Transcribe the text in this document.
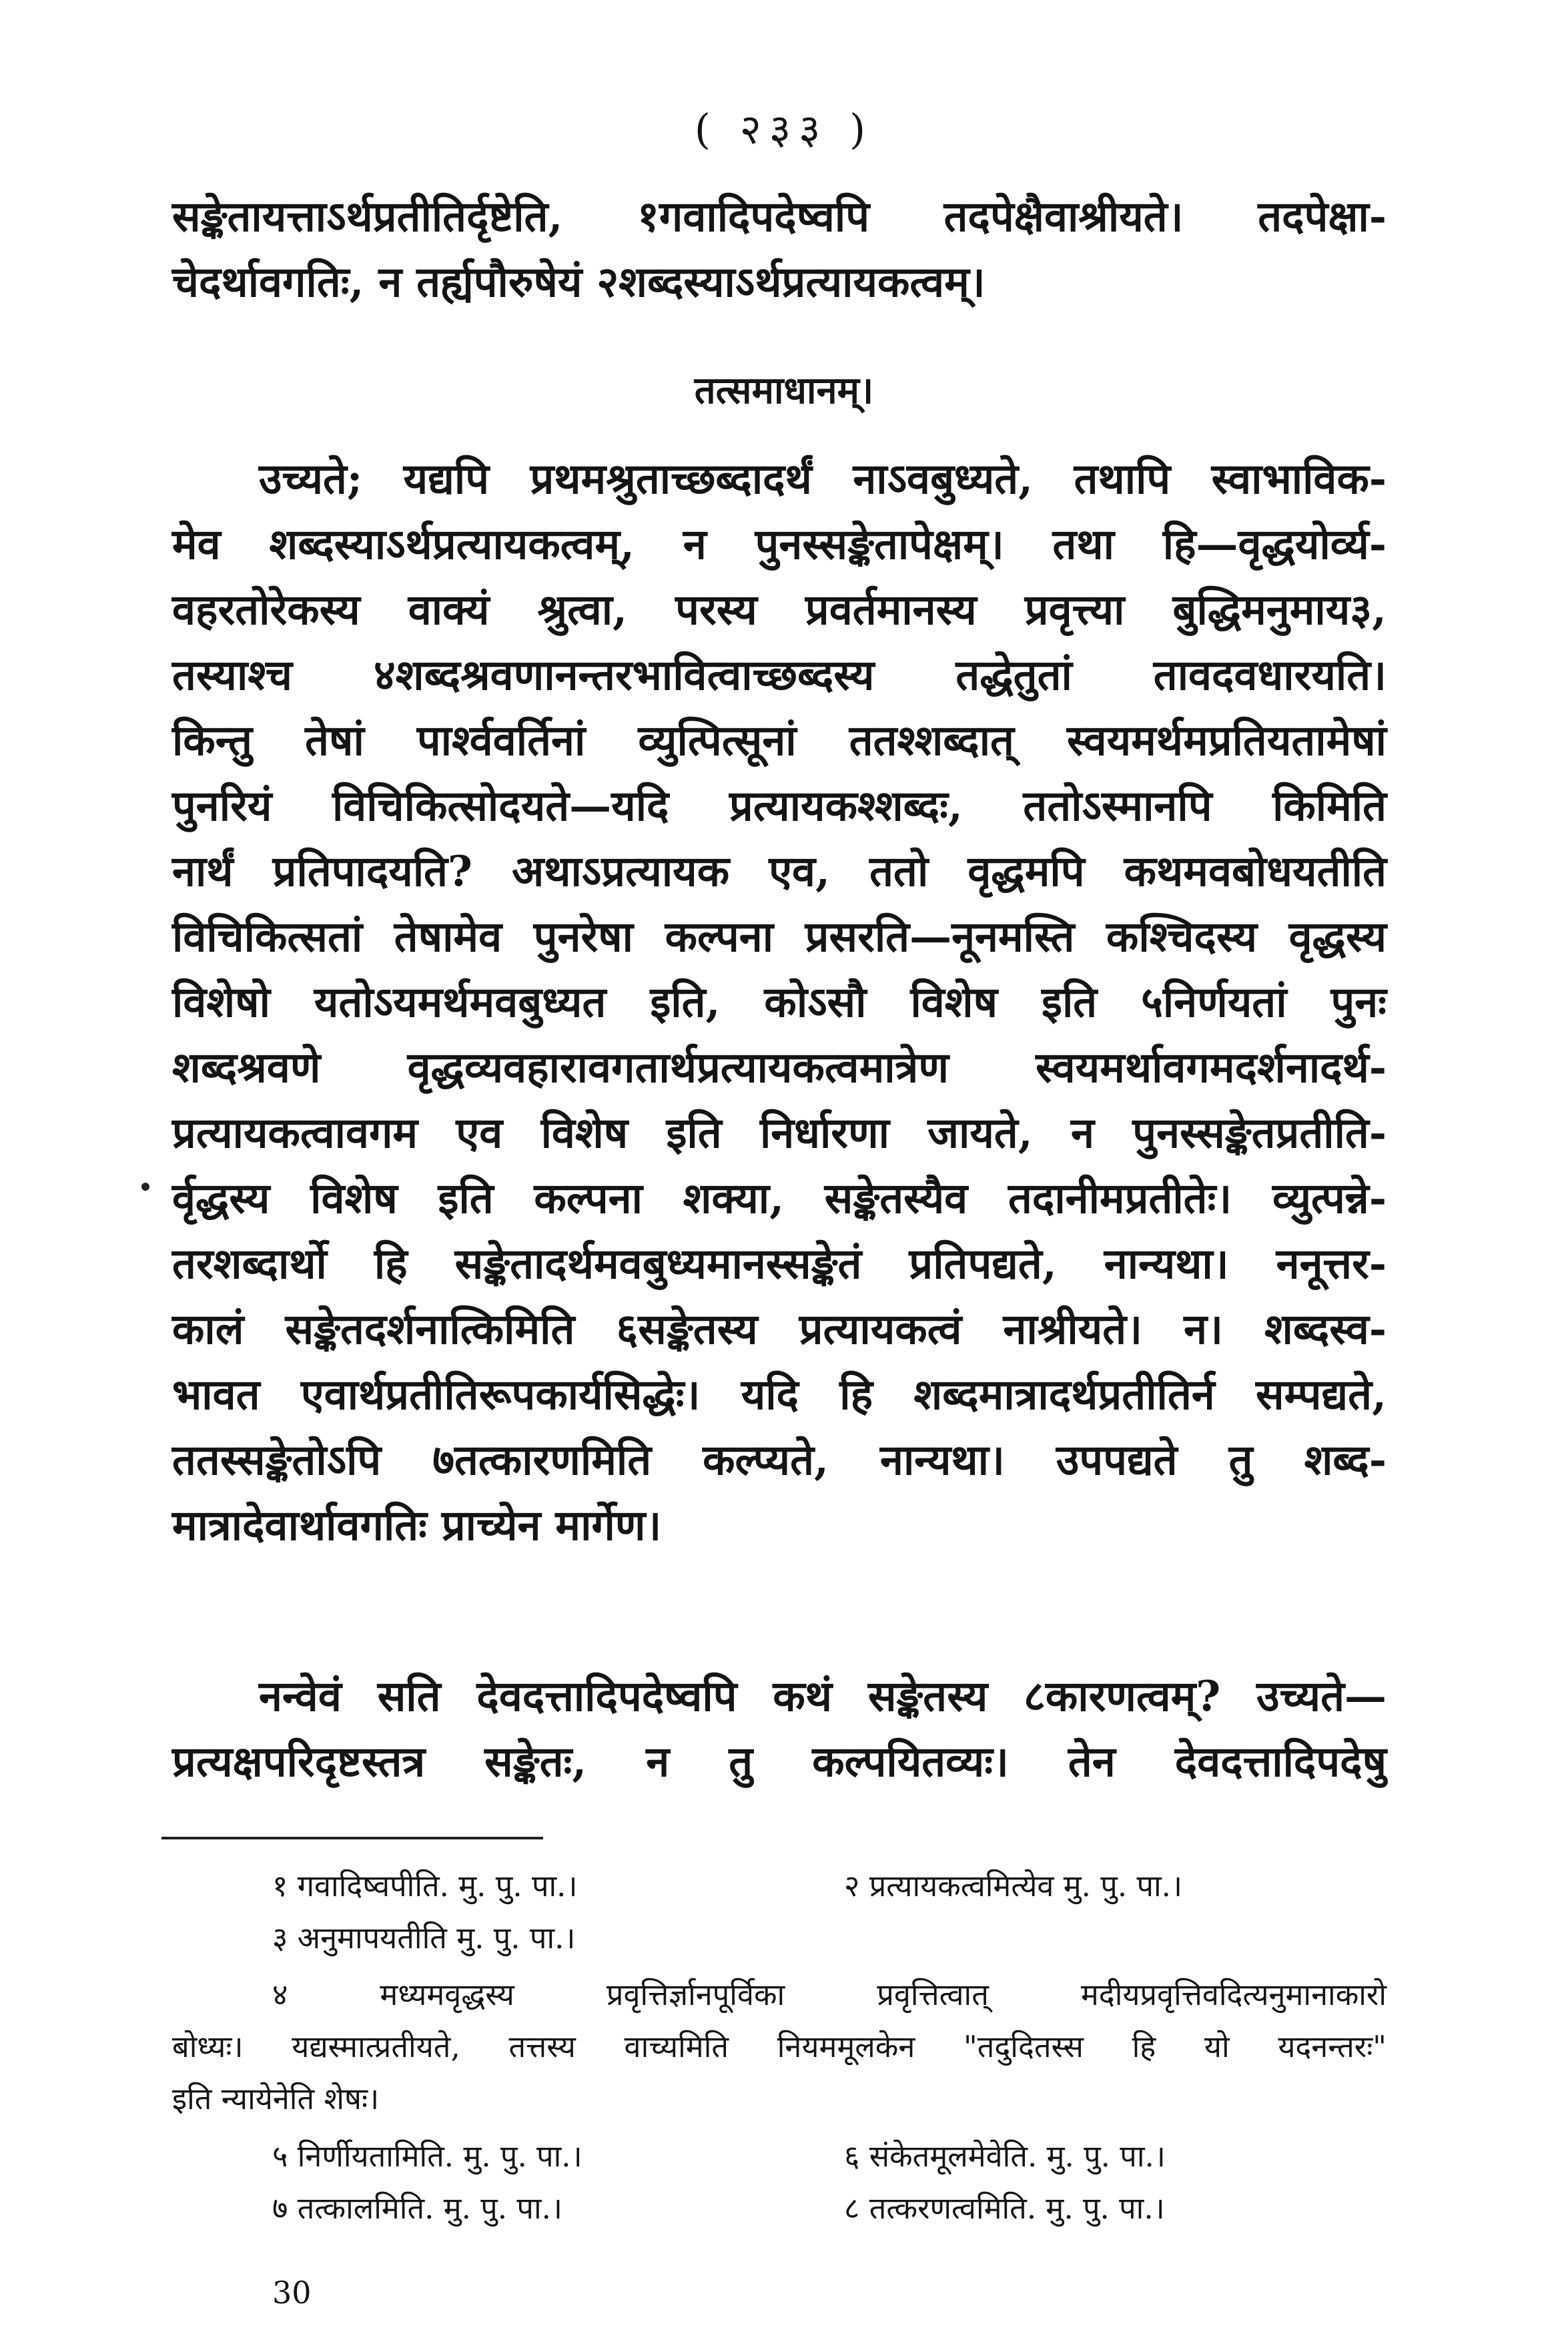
( २३३ )
सङ्केतायत्ताऽर्थप्रतीतिर्दृष्टेति, १गवादिपदेष्वपि तदपेक्षैवाश्रीयते। तदपेक्षा-
चेदर्थावगतिः, न तर्ह्यपौरुषेयं २शब्दस्याऽर्थप्रत्यायकत्वम्।
तत्समाधानम्।
उच्यते; यद्यपि प्रथमश्रुताच्छब्दादर्थं नाऽवबुध्यते, तथापि स्वाभाविक-
मेव शब्दस्याऽर्थप्रत्यायकत्वम्, न पुनस्सङ्केतापेक्षम्। तथा हि—वृद्धयोर्व्य-
वहरतोरेकस्य वाक्यं श्रुत्वा, परस्य प्रवर्तमानस्य प्रवृत्त्या बुद्धिमनुमाय३,
तस्याश्च ४शब्दश्रवणानन्तरभावित्वाच्छब्दस्य तद्धेतुतां तावदवधारयति।
किन्तु तेषां पार्श्ववर्तिनां व्युत्पित्सूनां ततश्शब्दात् स्वयमर्थमप्रतियतामेषां
पुनरियं विचिकित्सोदयते—यदि प्रत्यायकश्शब्दः, ततोऽस्मानपि किमिति
नार्थं प्रतिपादयति? अथाऽप्रत्यायक एव, ततो वृद्धमपि कथमवबोधयतीति
विचिकित्सतां तेषामेव पुनरेषा कल्पना प्रसरति—नूनमस्ति कश्चिदस्य वृद्धस्य
विशेषो यतोऽयमर्थमवबुध्यत इति, कोऽसौ विशेष इति ५निर्णयतां पुनः
शब्दश्रवणे वृद्धव्यवहारावगतार्थप्रत्यायकत्वमात्रेण स्वयमर्थावगमदर्शनादर्थ-
प्रत्यायकत्वावगम एव विशेष इति निर्धारणा जायते, न पुनस्सङ्केतप्रतीति-
र्वृद्धस्य विशेष इति कल्पना शक्या, सङ्केतस्यैव तदानीमप्रतीतेः। व्युत्पन्ने-
तरशब्दार्थो हि सङ्केतादर्थमवबुध्यमानस्सङ्केतं प्रतिपद्यते, नान्यथा। ननूत्तर-
कालं सङ्केतदर्शनात्किमिति ६सङ्केतस्य प्रत्यायकत्वं नाश्रीयते। न। शब्दस्व-
भावत एवार्थप्रतीतिरूपकार्यसिद्धेः। यदि हि शब्दमात्रादर्थप्रतीतिर्न सम्पद्यते,
ततस्सङ्केतोऽपि ७तत्कारणमिति कल्प्यते, नान्यथा। उपपद्यते तु शब्द-
मात्रादेवार्थावगतिः प्राच्येन मार्गेण।
नन्वेवं सति देवदत्तादिपदेष्वपि कथं सङ्केतस्य ८कारणत्वम्? उच्यते—
प्रत्यक्षपरिदृष्टस्तत्र सङ्केतः, न तु कल्पयितव्यः। तेन देवदत्तादिपदेषु
१ गवादिष्वपीति. मु. पु. पा.।	२ प्रत्यायकत्वमित्येव मु. पु. पा.।
३ अनुमापयतीति मु. पु. पा.।
४ मध्यमवृद्धस्य प्रवृत्तिर्ज्ञानपूर्विका प्रवृत्तित्वात् मदीयप्रवृत्तिवदित्यनुमानाकारो
बोध्यः। यद्यस्मात्प्रतीयते, तत्तस्य वाच्यमिति नियममूलकेन "तदुदितस्स हि यो यदनन्तरः"
इति न्यायेनेति शेषः।
५ निर्णीयतामिति. मु. पु. पा.।	६ संकेतमूलमेवेति. मु. पु. पा.।
७ तत्कालमिति. मु. पु. पा.।	८ तत्करणत्वमिति. मु. पु. पा.।
30
